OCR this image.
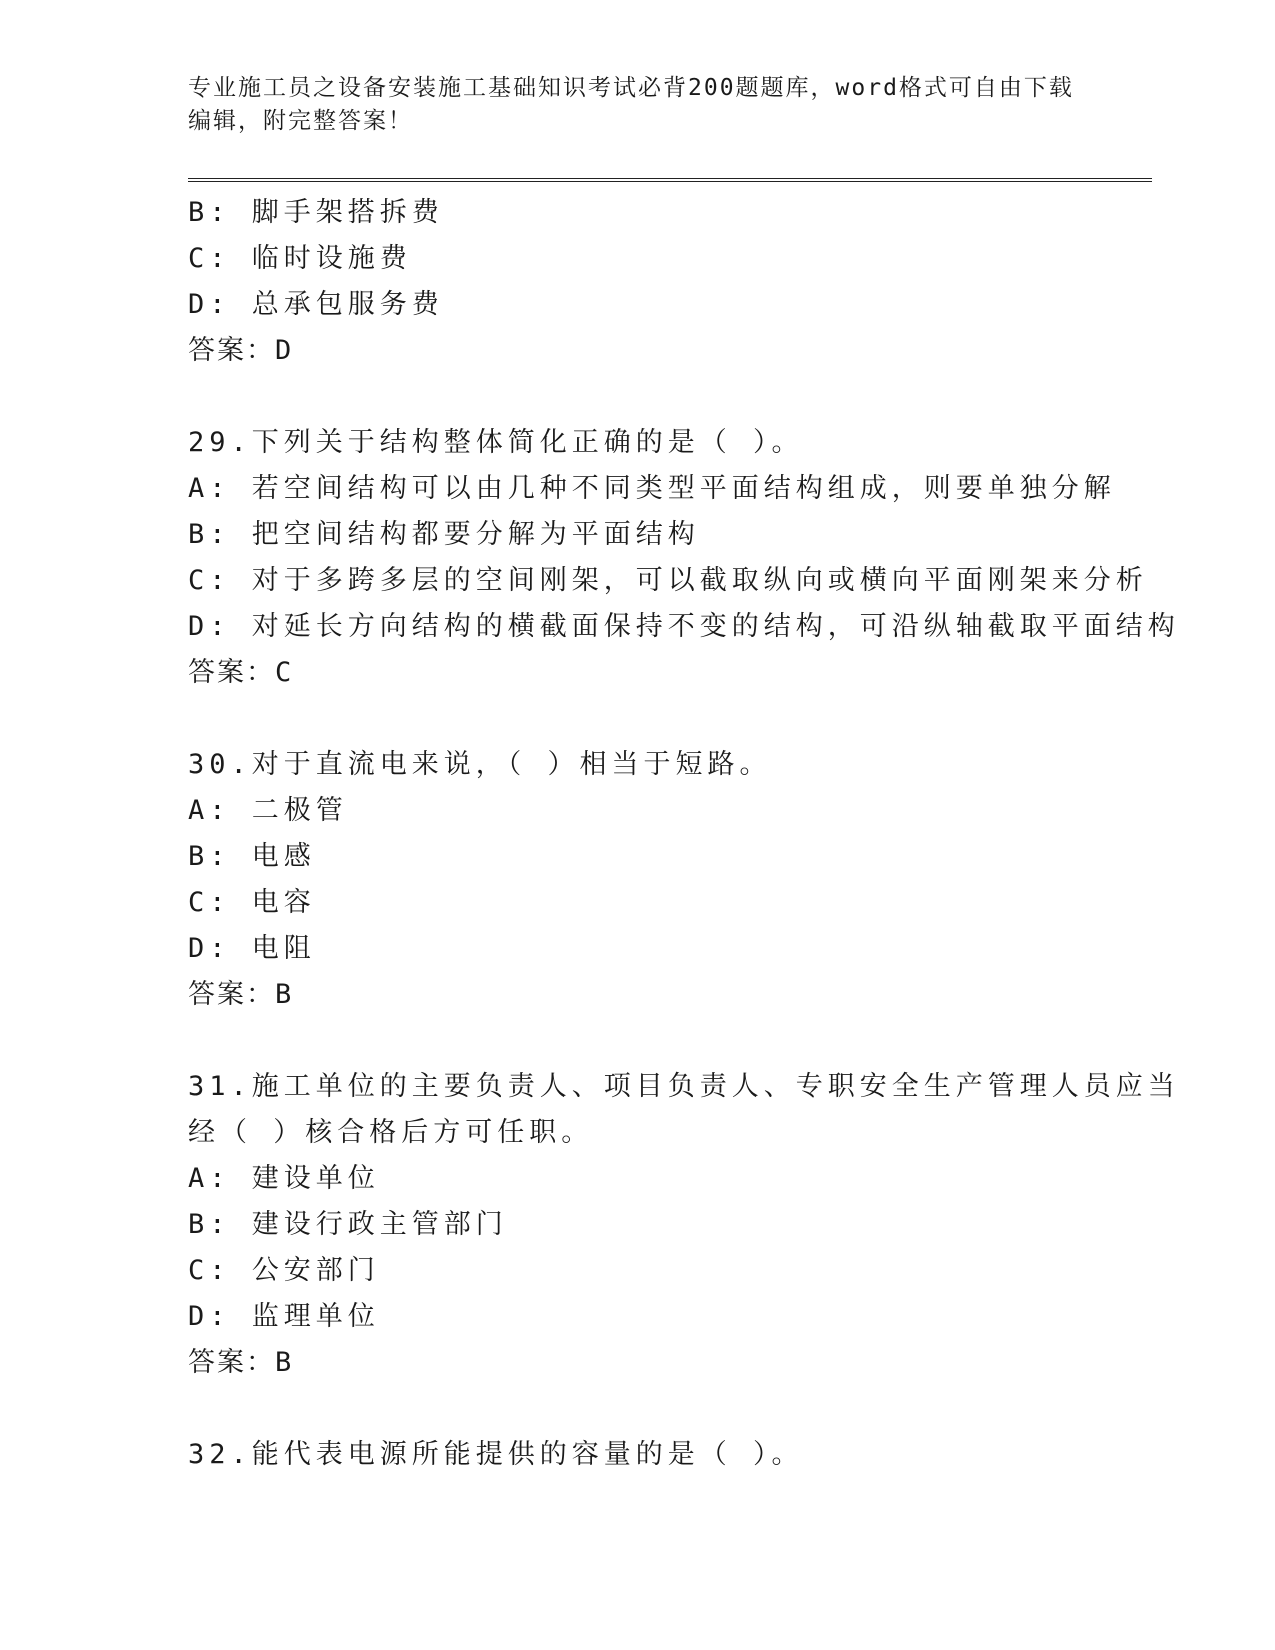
专业施工员之设备安装施工基础知识考试必背200题题库，word格式可自由下载编辑，附完整答案！
B: 脚手架搭拆费
C: 临时设施费
D: 总承包服务费
答案：D
29.下列关于结构整体简化正确的是（ ）。
A: 若空间结构可以由几种不同类型平面结构组成，则要单独分解
B: 把空间结构都要分解为平面结构
C: 对于多跨多层的空间刚架，可以截取纵向或横向平面刚架来分析
D: 对延长方向结构的横截面保持不变的结构，可沿纵轴截取平面结构
答案：C
30.对于直流电来说，（ ）相当于短路。
A: 二极管
B: 电感
C: 电容
D: 电阻
答案：B
31.施工单位的主要负责人、项目负责人、专职安全生产管理人员应当
经（ ）核合格后方可任职。
A: 建设单位
B: 建设行政主管部门
C: 公安部门
D: 监理单位
答案：B
32.能代表电源所能提供的容量的是（ ）。
